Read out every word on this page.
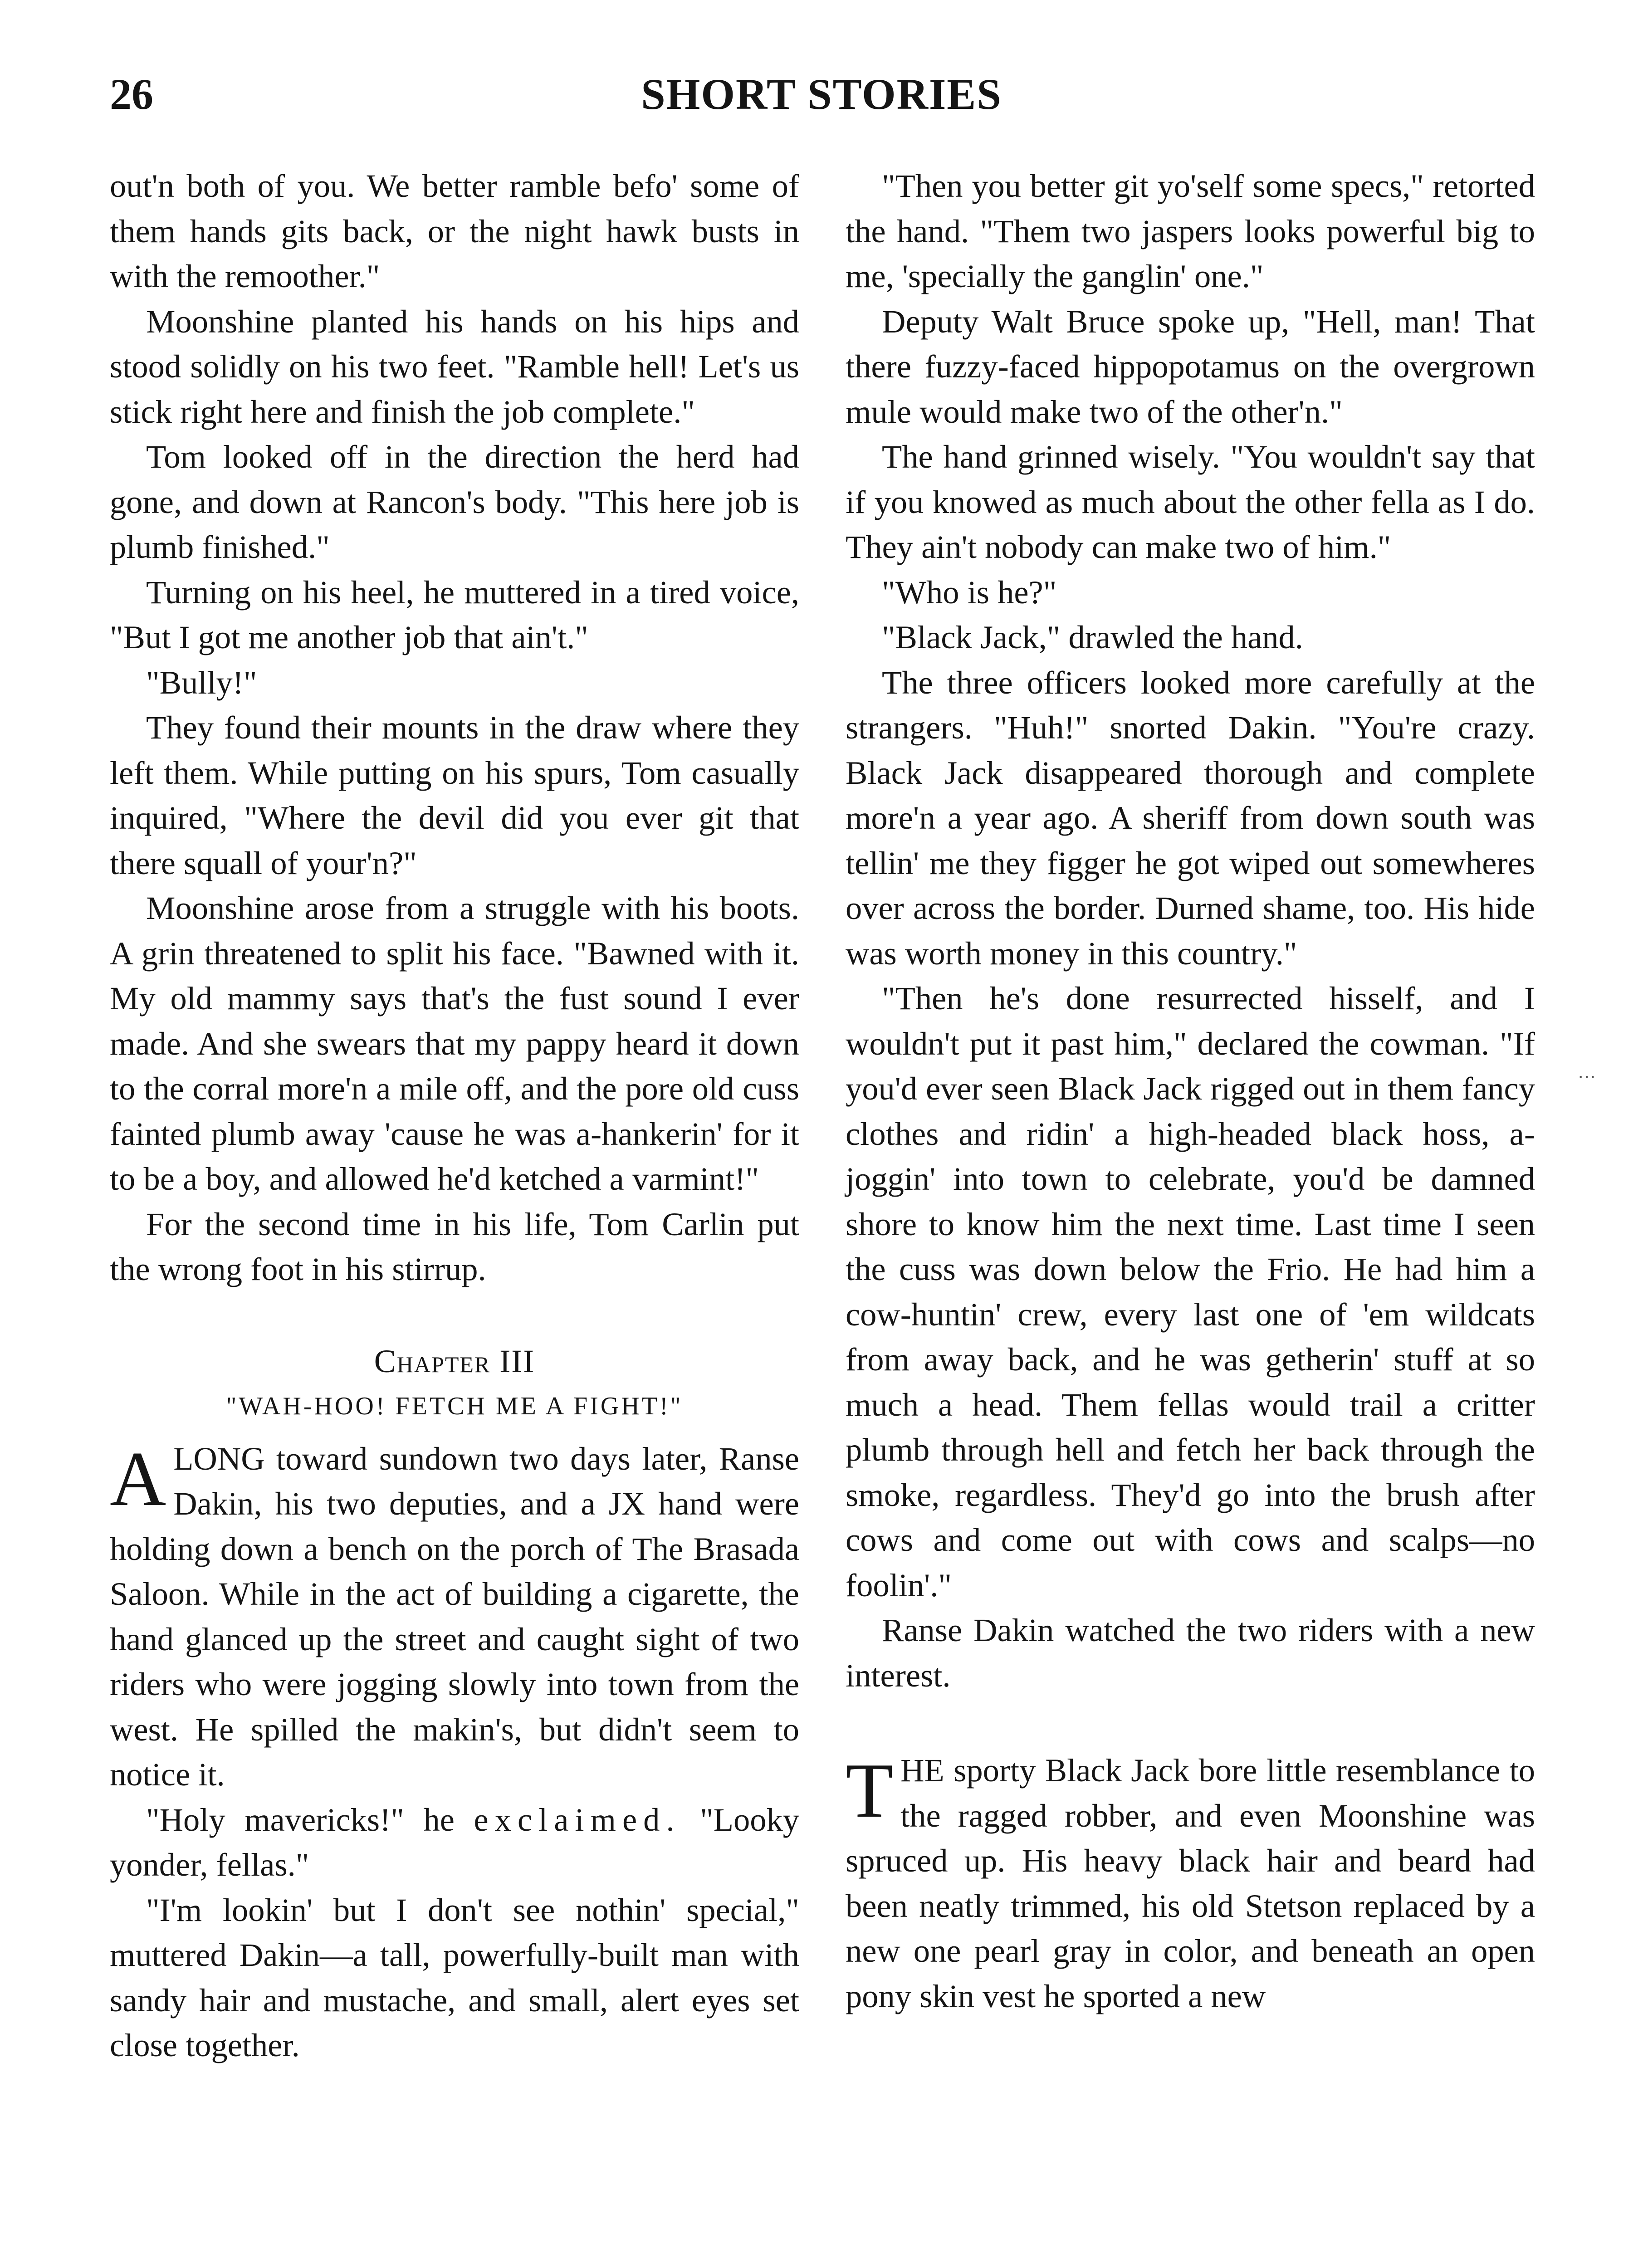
26	SHORT STORIES

out'n both of you. We better ramble befo' some of them hands gits back, or the night hawk busts in with the remoother."

Moonshine planted his hands on his hips and stood solidly on his two feet. "Ramble hell! Let's us stick right here and finish the job complete."

Tom looked off in the direction the herd had gone, and down at Rancon's body. "This here job is plumb finished."

Turning on his heel, he muttered in a tired voice, "But I got me another job that ain't."

"Bully!"

They found their mounts in the draw where they left them. While putting on his spurs, Tom casually inquired, "Where the devil did you ever git that there squall of your'n?"

Moonshine arose from a struggle with his boots. A grin threatened to split his face. "Bawned with it. My old mammy says that's the fust sound I ever made. And she swears that my pappy heard it down to the corral more'n a mile off, and the pore old cuss fainted plumb away 'cause he was a-hankerin' for it to be a boy, and allowed he'd ketched a varmint!"

For the second time in his life, Tom Carlin put the wrong foot in his stirrup.

Chapter III
"WAH-HOO! FETCH ME A FIGHT!"

ALONG toward sundown two days later, Ranse Dakin, his two deputies, and a JX hand were holding down a bench on the porch of The Brasada Saloon. While in the act of building a cigarette, the hand glanced up the street and caught sight of two riders who were jogging slowly into town from the west. He spilled the makin's, but didn't seem to notice it.

"Holy mavericks!" he exclaimed. "Looky yonder, fellas."

"I'm lookin' but I don't see nothin' special," muttered Dakin—a tall, powerfully-built man with sandy hair and mustache, and small, alert eyes set close together.

"Then you better git yo'self some specs," retorted the hand. "Them two jaspers looks powerful big to me, 'specially the ganglin' one."

Deputy Walt Bruce spoke up, "Hell, man! That there fuzzy-faced hippopotamus on the overgrown mule would make two of the other'n."

The hand grinned wisely. "You wouldn't say that if you knowed as much about the other fella as I do. They ain't nobody can make two of him."

"Who is he?"

"Black Jack," drawled the hand.

The three officers looked more carefully at the strangers. "Huh!" snorted Dakin. "You're crazy. Black Jack disappeared thorough and complete more'n a year ago. A sheriff from down south was tellin' me they figger he got wiped out somewheres over across the border. Durned shame, too. His hide was worth money in this country."

"Then he's done resurrected hisself, and I wouldn't put it past him," declared the cowman. "If you'd ever seen Black Jack rigged out in them fancy clothes and ridin' a high-headed black hoss, a-joggin' into town to celebrate, you'd be damned shore to know him the next time. Last time I seen the cuss was down below the Frio. He had him a cow-huntin' crew, every last one of 'em wildcats from away back, and he was getherin' stuff at so much a head. Them fellas would trail a critter plumb through hell and fetch her back through the smoke, regardless. They'd go into the brush after cows and come out with cows and scalps—no foolin'."

Ranse Dakin watched the two riders with a new interest.

THE sporty Black Jack bore little resemblance to the ragged robber, and even Moonshine was spruced up. His heavy black hair and beard had been neatly trimmed, his old Stetson replaced by a new one pearl gray in color, and beneath an open pony skin vest he sported a new

⋯
